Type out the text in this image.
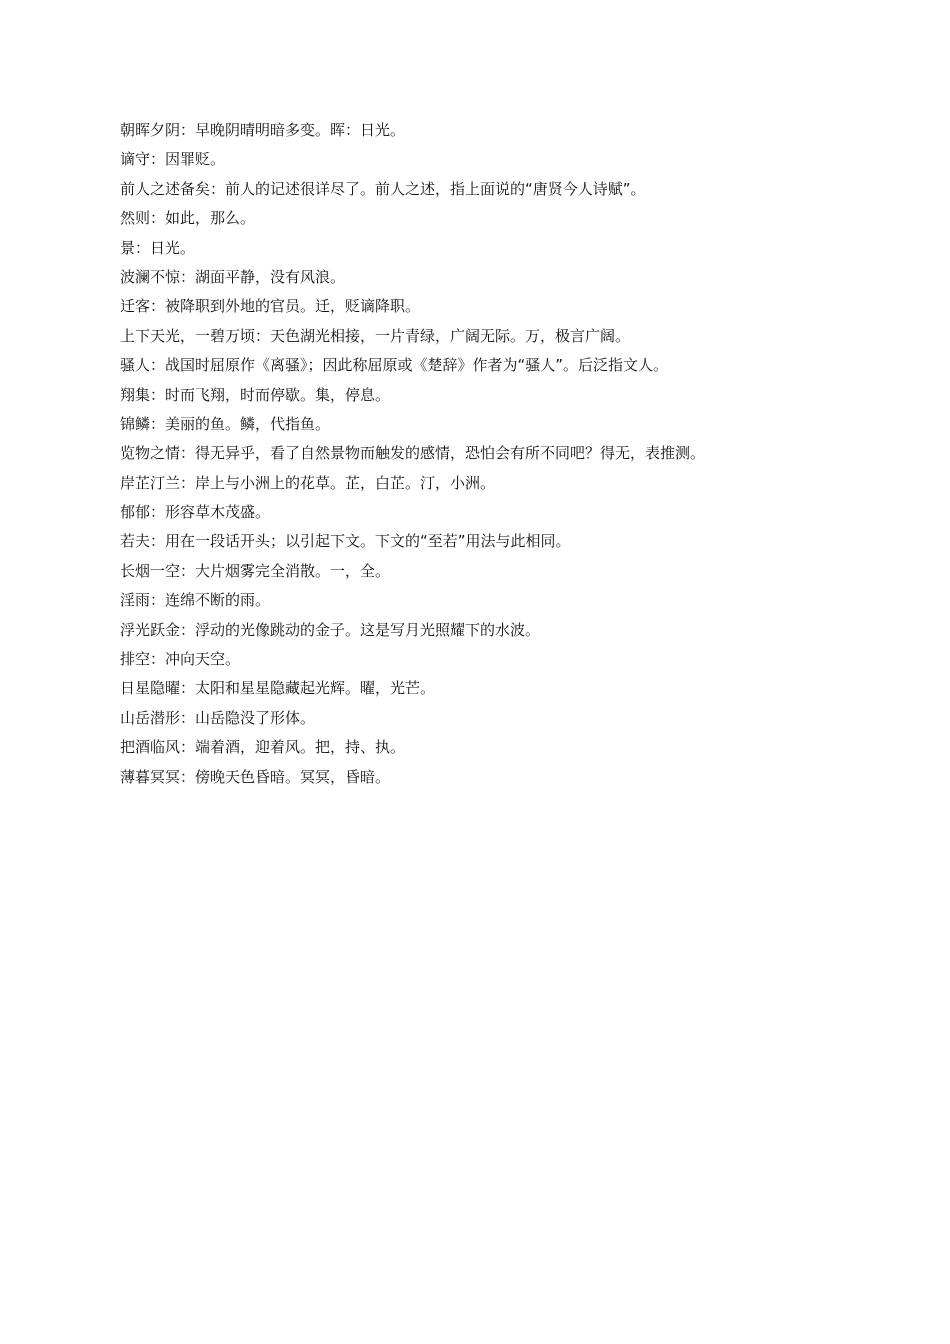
朝晖夕阴：早晚阴晴明暗多变。晖：日光。
谪守：因罪贬。
前人之述备矣：前人的记述很详尽了。前人之述，指上面说的“唐贤今人诗赋”。
然则：如此，那么。
景：日光。
波澜不惊：湖面平静，没有风浪。
迁客：被降职到外地的官员。迁，贬谪降职。
上下天光，一碧万顷：天色湖光相接，一片青绿，广阔无际。万，极言广阔。
骚人：战国时屈原作《离骚》；因此称屈原或《楚辞》作者为“骚人”。后泛指文人。
翔集：时而飞翔，时而停歇。集，停息。
锦鳞：美丽的鱼。鳞，代指鱼。
览物之情：得无异乎，看了自然景物而触发的感情，恐怕会有所不同吧？得无，表推测。
岸芷汀兰：岸上与小洲上的花草。芷，白芷。汀，小洲。
郁郁：形容草木茂盛。
若夫：用在一段话开头；以引起下文。下文的“至若”用法与此相同。
长烟一空：大片烟雾完全消散。一，全。
淫雨：连绵不断的雨。
浮光跃金：浮动的光像跳动的金子。这是写月光照耀下的水波。
排空：冲向天空。
日星隐曜：太阳和星星隐藏起光辉。曜，光芒。
山岳潜形：山岳隐没了形体。
把酒临风：端着酒，迎着风。把，持、执。
薄暮冥冥：傍晚天色昏暗。冥冥，昏暗。
